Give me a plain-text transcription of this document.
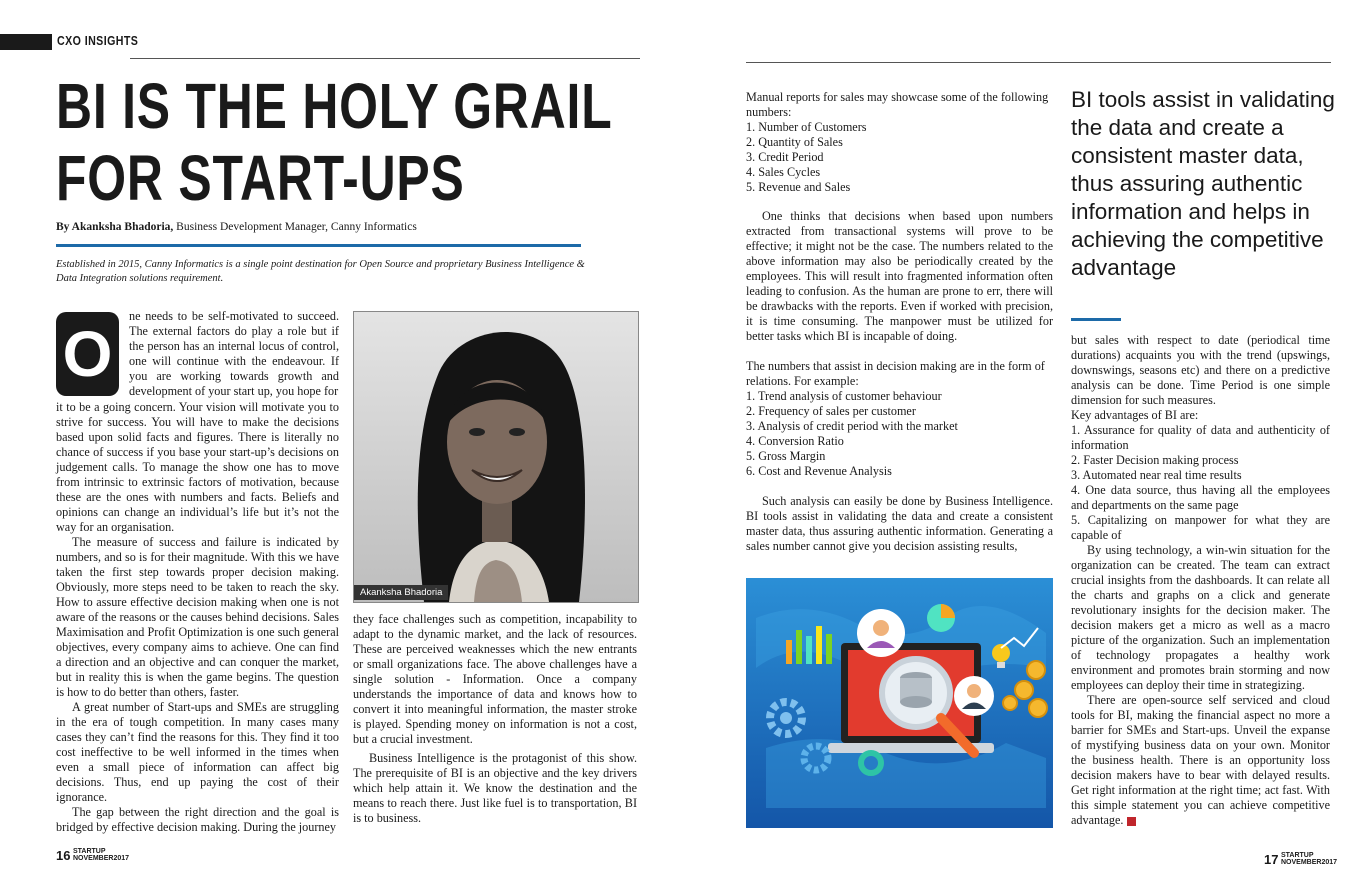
CXO INSIGHTS
BI IS THE HOLY GRAIL
FOR START-UPS
By Akanksha Bhadoria, Business Development Manager, Canny Informatics
Established in 2015, Canny Informatics is a single point destination for Open Source and proprietary Business Intelligence & Data Integration solutions requirement.
O

ne needs to be self-motivated to succeed. The external factors do play a role but if the person has an internal locus of control, one will continue with the endeavour. If you are working towards growth and development of your start up, you hope for

it to be a going concern. Your vision will motivate you to strive for success. You will have to make the decisions based upon solid facts and figures. There is literally no chance of success if you base your start-up’s decisions on judgement calls. To manage the show one has to move from intrinsic to extrinsic factors of motivation, because these are the ones with numbers and facts. Beliefs and opinions can change an individual’s life but it’s not the way for an organisation.

The measure of success and failure is indicated by numbers, and so is for their magnitude. With this we have taken the first step towards proper decision making. Obviously, more steps need to be taken to reach the sky. How to assure effective decision making when one is not aware of the reasons or the causes behind decisions. Sales Maximisation and Profit Optimization is one such general objectives, every company aims to achieve. One can find a direction and an objective and can conquer the market, but in reality this is when the game begins. The question is how to do better than others, faster.

A great number of Start-ups and SMEs are struggling in the era of tough competition. In many cases many cases they can’t find the reasons for this. They find it too cost ineffective to be well informed in the times when even a small piece of information can affect big decisions. Thus, end up paying the cost of their ignorance.

The gap between the right direction and the goal is bridged by effective decision making. During the journey

Akanksha Bhadoria

they face challenges such as competition, incapability to adapt to the dynamic market, and the lack of resources. These are perceived weaknesses which the new entrants or small organizations face. The above challenges have a single solution - Information. Once a company understands the importance of data and knows how to convert it into meaningful information, the master stroke is played. Spending money on information is not a cost, but a crucial investment.

Business Intelligence is the protagonist of this show. The prerequisite of BI is an objective and the key drivers which help attain it. We know the destination and the means to reach there. Just like fuel is to transportation, BI is to business.

Manual reports for sales may showcase some of the following numbers:

1. Number of Customers
2. Quantity of Sales
3. Credit Period
4. Sales Cycles
5. Revenue and Sales

One thinks that decisions when based upon numbers extracted from transactional systems will prove to be effective; it might not be the case. The numbers related to the above information may also be periodically created by the employees. This will result into fragmented information often leading to confusion. As the human are prone to err, there will be drawbacks with the reports. Even if worked with precision, it is time consuming. The manpower must be utilized for better tasks which BI is incapable of doing.

The numbers that assist in decision making are in the form of relations. For example:

1. Trend analysis of customer behaviour
2. Frequency of sales per customer
3. Analysis of credit period with the market
4. Conversion Ratio
5. Gross Margin
6. Cost and Revenue Analysis

Such analysis can easily be done by Business Intelligence. BI tools assist in validating the data and create a consistent master data, thus assuring authentic information. Generating a sales number cannot give you decision assisting results,

BI tools assist in validating the data and create a consistent master data, thus assuring authentic information and helps in achieving the competitive advantage

but sales with respect to date (periodical time durations) acquaints you with the trend (upswings, downswings, seasons etc) and there on a predictive analysis can be done. Time Period is one simple dimension for such measures.

Key advantages of BI are:

1. Assurance for quality of data and authenticity of information
2. Faster Decision making process
3. Automated near real time results
4. One data source, thus having all the employees and departments on the same page
5. Capitalizing on manpower for what they are capable of

By using technology, a win-win situation for the organization can be created. The team can extract crucial insights from the dashboards. It can relate all the charts and graphs on a click and generate revolutionary insights for the decision maker. The decision makers get a micro as well as a macro picture of the organization. Such an implementation of technology propagates a healthy work environment and promotes brain storming and now employees can deploy their time in strategizing.

There are open-source self serviced and cloud tools for BI, making the financial aspect no more a barrier for SMEs and Start-ups. Unveil the expanse of mystifying business data on your own. Monitor the business health. There is an opportunity loss decision makers have to bear with delayed results. Get right information at the right time; act fast. With this simple statement you can achieve competitive advantage.	SC

16 STARTUP
NOVEMBER2017	17 STARTUP
NOVEMBER2017
